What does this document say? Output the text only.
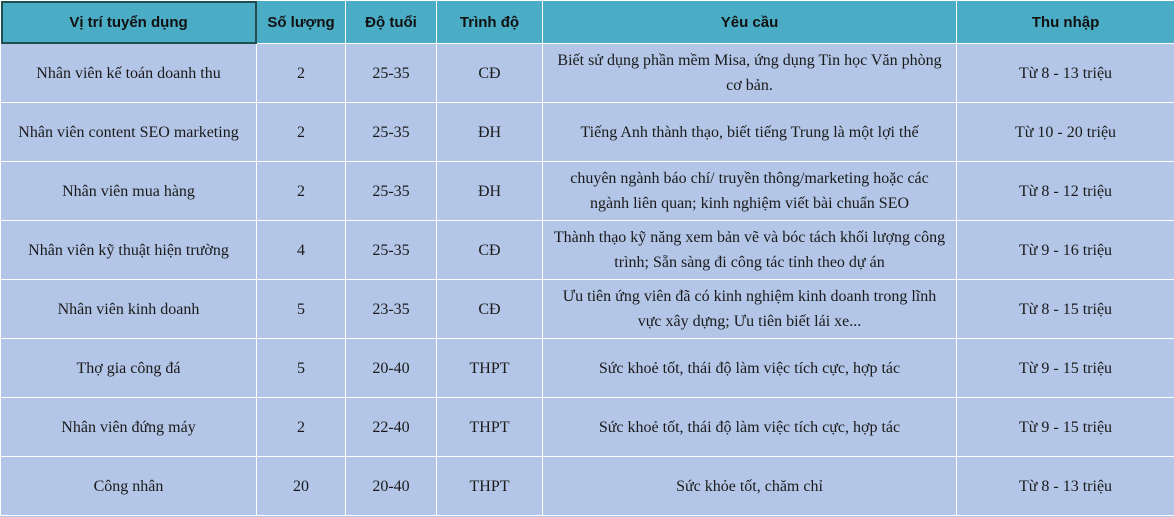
Vị trí tuyển dụng	Số lượng	Độ tuổi	Trình độ	Yêu cầu	Thu nhập
Nhân viên kế toán doanh thu	2	25-35	CĐ	Biết sử dụng phần mềm Misa, ứng dụng Tin học Văn phòng cơ bản.	Từ 8 - 13 triệu
Nhân viên content SEO marketing	2	25-35	ĐH	Tiếng Anh thành thạo, biết tiếng Trung là một lợi thế	Từ 10 - 20 triệu
Nhân viên mua hàng	2	25-35	ĐH	chuyên ngành báo chí/ truyền thông/marketing hoặc các ngành liên quan; kinh nghiệm viết bài chuẩn SEO	Từ 8 - 12 triệu
Nhân viên kỹ thuật hiện trường	4	25-35	CĐ	Thành thạo kỹ năng xem bản vẽ và bóc tách khối lượng công trình; Sẵn sàng đi công tác tỉnh theo dự án	Từ 9 - 16 triệu
Nhân viên kinh doanh	5	23-35	CĐ	Ưu tiên ứng viên đã có kinh nghiệm kinh doanh trong lĩnh vực xây dựng; Ưu tiên biết lái xe...	Từ 8 - 15 triệu
Thợ gia công đá	5	20-40	THPT	Sức khoẻ tốt, thái độ làm việc tích cực, hợp tác	Từ 9 - 15 triệu
Nhân viên đứng máy	2	22-40	THPT	Sức khoẻ tốt, thái độ làm việc tích cực, hợp tác	Từ 9 - 15 triệu
Công nhân	20	20-40	THPT	Sức khỏe tốt, chăm chỉ	Từ 8 - 13 triệu
